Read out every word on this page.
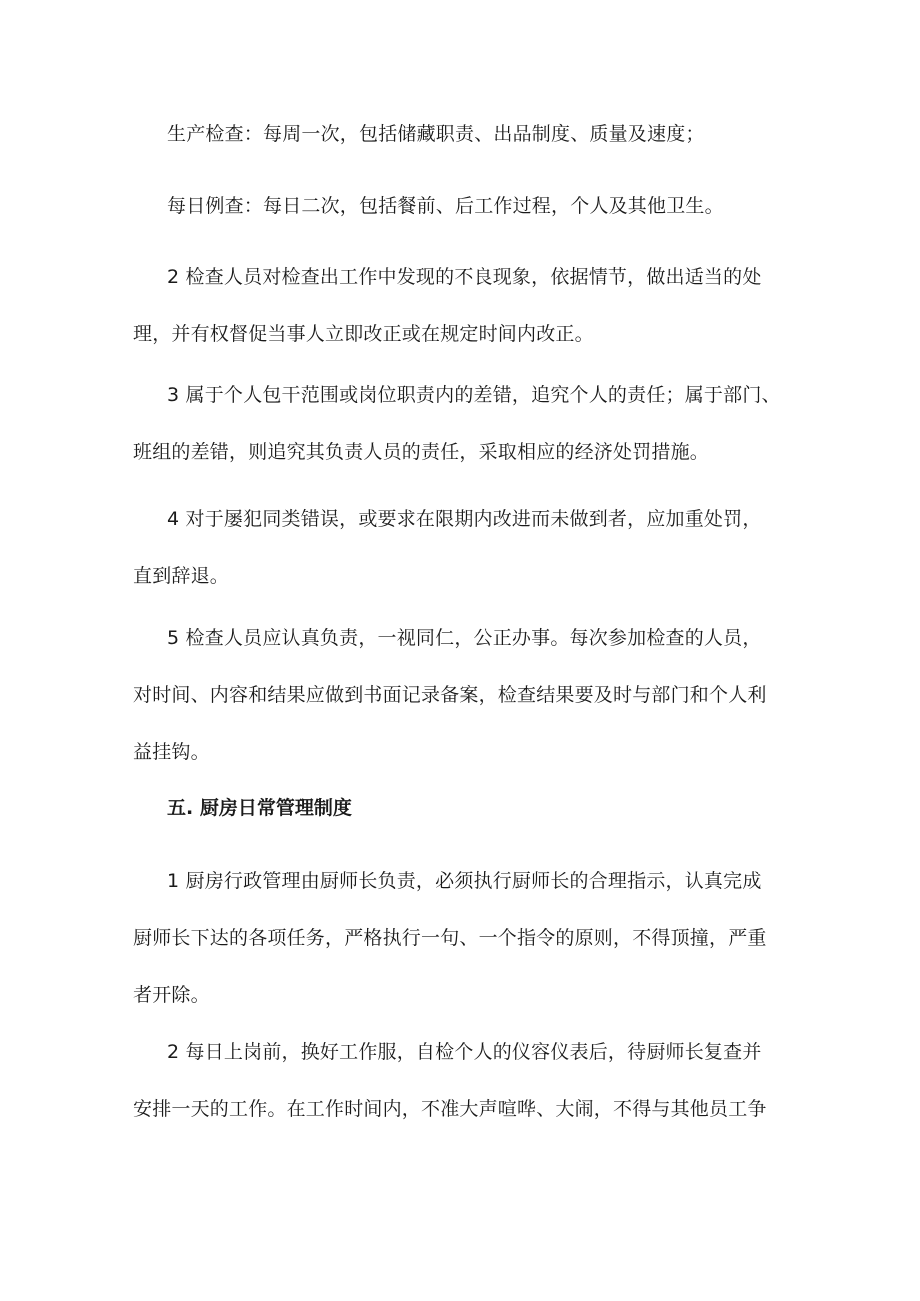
生产检查：每周一次，包括储藏职责、出品制度、质量及速度；

每日例查：每日二次，包括餐前、后工作过程，个人及其他卫生。

2 检查人员对检查出工作中发现的不良现象，依据情节，做出适当的处
理，并有权督促当事人立即改正或在规定时间内改正。

3 属于个人包干范围或岗位职责内的差错，追究个人的责任；属于部门、
班组的差错，则追究其负责人员的责任，采取相应的经济处罚措施。

4 对于屡犯同类错误，或要求在限期内改进而未做到者，应加重处罚，
直到辞退。

5 检查人员应认真负责，一视同仁，公正办事。每次参加检查的人员，
对时间、内容和结果应做到书面记录备案，检查结果要及时与部门和个人利
益挂钩。

五. 厨房日常管理制度

1 厨房行政管理由厨师长负责，必须执行厨师长的合理指示，认真完成
厨师长下达的各项任务，严格执行一句、一个指令的原则，不得顶撞，严重
者开除。

2 每日上岗前，换好工作服，自检个人的仪容仪表后，待厨师长复查并
安排一天的工作。在工作时间内，不准大声喧哗、大闹，不得与其他员工争
